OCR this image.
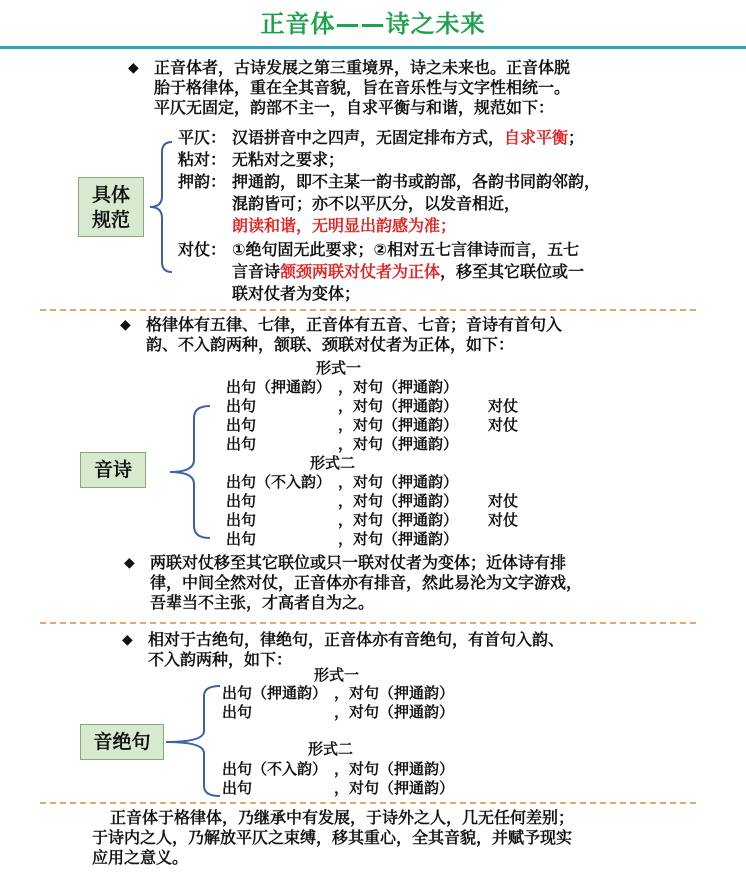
正音体——诗之未来
◆ 正音体者，古诗发展之第三重境界，诗之未来也。正音体脱
胎于格律体，重在全其音貌，旨在音乐性与文字性相统一。
平仄无固定，韵部不主一，自求平衡与和谐，规范如下：
具体
规范
平仄： 汉语拼音中之四声，无固定排布方式，自求平衡；
粘对： 无粘对之要求；
押韵： 押通韵，即不主某一韵书或韵部，各韵书同韵邻韵，
混韵皆可；亦不以平仄分，以发音相近，
朗读和谐，无明显出韵感为准；
对仗： ①绝句固无此要求；②相对五七言律诗而言，五七
言音诗颔颈两联对仗者为正体，移至其它联位或一
联对仗者为变体；
◆ 格律体有五律、七律，正音体有五音、七音；音诗有首句入
韵、不入韵两种，颔联、颈联对仗者为正体，如下：
形式一
出句（押通韵） ，对句（押通韵）
出句	，对句（押通韵） 对仗
出句	，对句（押通韵） 对仗
出句	，对句（押通韵）
形式二
出句（不入韵） ，对句（押通韵）
出句	，对句（押通韵） 对仗
出句	，对句（押通韵） 对仗
出句	，对句（押通韵）
音诗
◆ 两联对仗移至其它联位或只一联对仗者为变体；近体诗有排
律，中间全然对仗，正音体亦有排音，然此易沦为文字游戏，
吾辈当不主张，才高者自为之。
◆ 相对于古绝句，律绝句，正音体亦有音绝句，有首句入韵、
不入韵两种，如下：
形式一
出句（押通韵） ，对句（押通韵）
出句	，对句（押通韵）
形式二
出句（不入韵） ，对句（押通韵）
出句	，对句（押通韵）
音绝句
正音体于格律体，乃继承中有发展，于诗外之人，几无任何差别；
于诗内之人，乃解放平仄之束缚，移其重心，全其音貌，并赋予现实
应用之意义。
